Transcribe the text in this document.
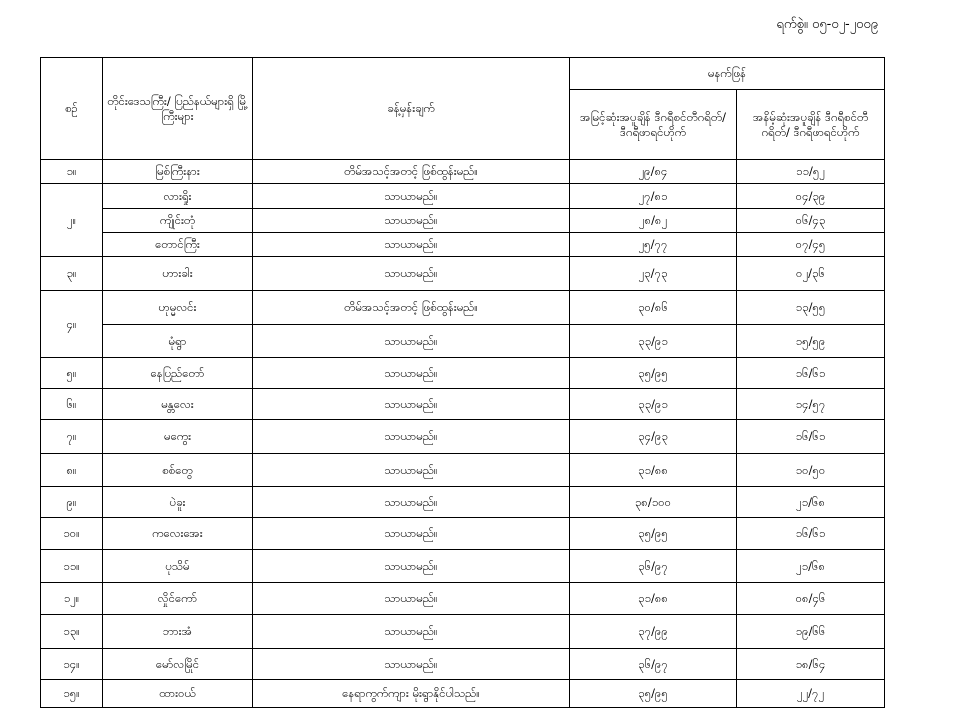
ရက်စွဲ။ ၀၅-၀၂-၂၀၀၉
စဉ်	တိုင်းဒေသကြီး/ ပြည်နယ်များရှိ မြို့ကြီးများ	ခန့်မှန်းချက်	မနက်ဖြန်	
			အမြင့်ဆုံးအပူချိန် ဒီဂရီစင်တီဂရိတ်/ ဒီဂရီဖာရင်ဟိုက်	အနိမ့်ဆုံးအပူချိန် ဒီဂရီစင်တီဂရိတ်/ ဒီဂရီဖာရင်ဟိုက်
၁။	မြစ်ကြီးနား	တိမ်အသင့်အတင့် ဖြစ်ထွန်းမည်။	၂၉/၈၄	၁၁/၅၂
၂။	လားရှိုး	သာယာမည်။	၂၇/၈၁	၀၄/၃၉
	ကျိုင်းတုံ	သာယာမည်။	၂၈/၈၂	၀၆/၄၃
	တောင်ကြီး	သာယာမည်။	၂၅/၇၇	၀၇/၄၅
၃။	ဟားခါး	သာယာမည်။	၂၃/၇၃	၀၂/၃၆
၄။	ဟုမ္မလင်း	တိမ်အသင့်အတင့် ဖြစ်ထွန်းမည်။	၃၀/၈၆	၁၃/၅၅
	မုံရွာ	သာယာမည်။	၃၃/၉၁	၁၅/၅၉
၅။	နေပြည်တော်	သာယာမည်။	၃၅/၉၅	၁၆/၆၁
၆။	မန္တလေး	သာယာမည်။	၃၃/၉၁	၁၄/၅၇
၇။	မကွေး	သာယာမည်။	၃၄/၉၃	၁၆/၆၁
၈။	စစ်တွေ	သာယာမည်။	၃၁/၈၈	၁၀/၅၀
၉။	ပဲခူး	သာယာမည်။	၃၈/၁၀၀	၂၁/၆၈
၁၀။	ကလေးအေး	သာယာမည်။	၃၅/၉၅	၁၆/၆၁
၁၁။	ပုသိမ်	သာယာမည်။	၃၆/၉၇	၂၁/၆၈
၁၂။	လှိုင်ကော်	သာယာမည်။	၃၁/၈၈	၀၈/၄၆
၁၃။	ဘားအံ	သာယာမည်။	၃၇/၉၉	၁၉/၆၆
၁၄။	မော်လမြိုင်	သာယာမည်။	၃၆/၉၇	၁၈/၆၄
၁၅။	ထားဝယ်	နေရာကွက်ကျား မိုးရွာနိုင်ပါသည်။	၃၅/၉၅	၂၂/၇၂
